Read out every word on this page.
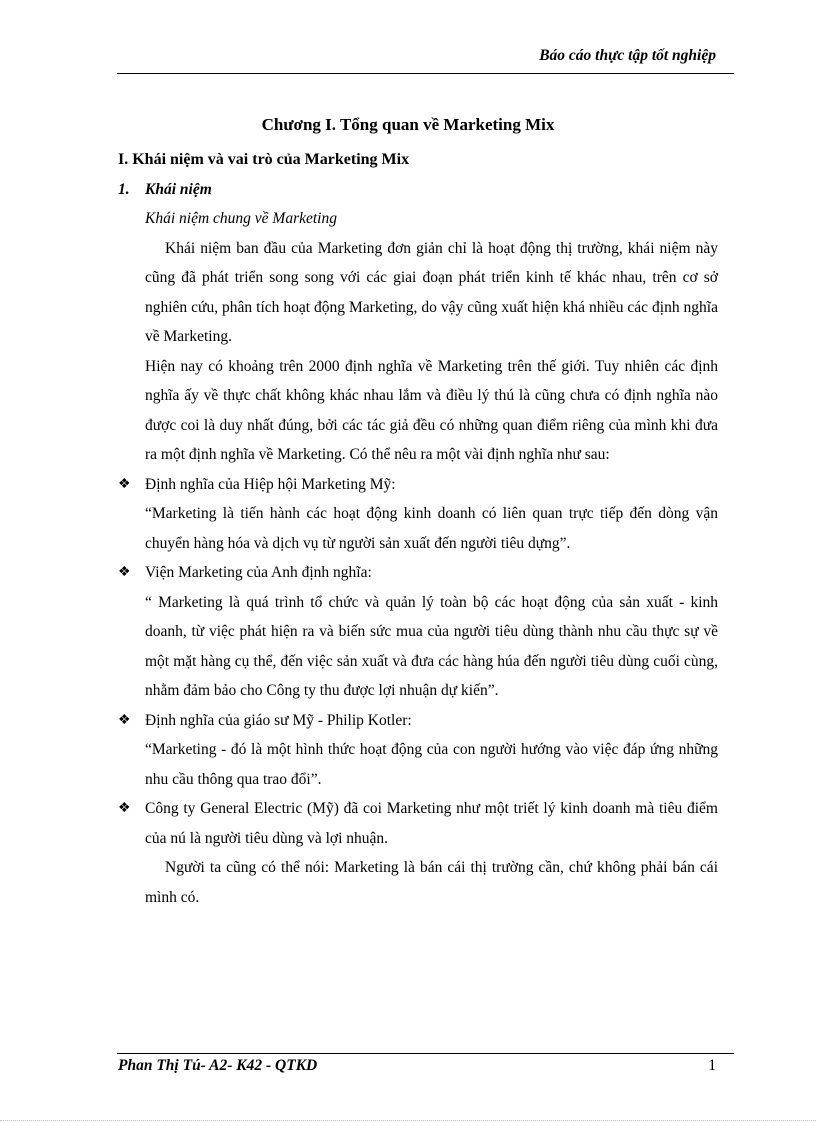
Báo cáo thực tập tốt nghiệp
Chương I. Tổng quan về Marketing Mix
I. Khái niệm và vai trò của Marketing Mix
1. Khái niệm
Khái niệm chung về Marketing
Khái niệm ban đầu của Marketing đơn giản chỉ là hoạt động thị trường, khái niệm này cũng đã phát triển song song với các giai đoạn phát triển kinh tế khác nhau, trên cơ sở nghiên cứu, phân tích hoạt động Marketing, do vậy cũng xuất hiện khá nhiều các định nghĩa về Marketing.
Hiện nay có khoảng trên 2000 định nghĩa về Marketing trên thế giới. Tuy nhiên các định nghĩa ấy về thực chất không khác nhau lắm và điều lý thú là cũng chưa có định nghĩa nào được coi là duy nhất đúng, bởi các tác giả đều có những quan điểm riêng của mình khi đưa ra một định nghĩa về Marketing. Có thể nêu ra một vài định nghĩa như sau:
❖ Định nghĩa của Hiệp hội Marketing Mỹ:
“Marketing là tiến hành các hoạt động kinh doanh có liên quan trực tiếp đến dòng vận chuyển hàng hóa và dịch vụ từ người sản xuất đến người tiêu dựng”.
❖ Viện Marketing của Anh định nghĩa:
“ Marketing là quá trình tổ chức và quản lý toàn bộ các hoạt động của sản xuất - kinh doanh, từ việc phát hiện ra và biến sức mua của người tiêu dùng thành nhu cầu thực sự về một mặt hàng cụ thể, đến việc sản xuất và đưa các hàng húa đến người tiêu dùng cuối cùng, nhằm đảm bảo cho Công ty thu được lợi nhuận dự kiến”.
❖ Định nghĩa của giáo sư Mỹ - Philip Kotler:
“Marketing - đó là một hình thức hoạt động của con người hướng vào việc đáp ứng những nhu cầu thông qua trao đổi”.
❖ Công ty General Electric (Mỹ) đã coi Marketing như một triết lý kinh doanh mà tiêu điểm của nú là người tiêu dùng và lợi nhuận.
Người ta cũng có thể nói: Marketing là bán cái thị trường cần, chứ không phải bán cái mình có.
Phan Thị Tú- A2- K42 - QTKD	1
